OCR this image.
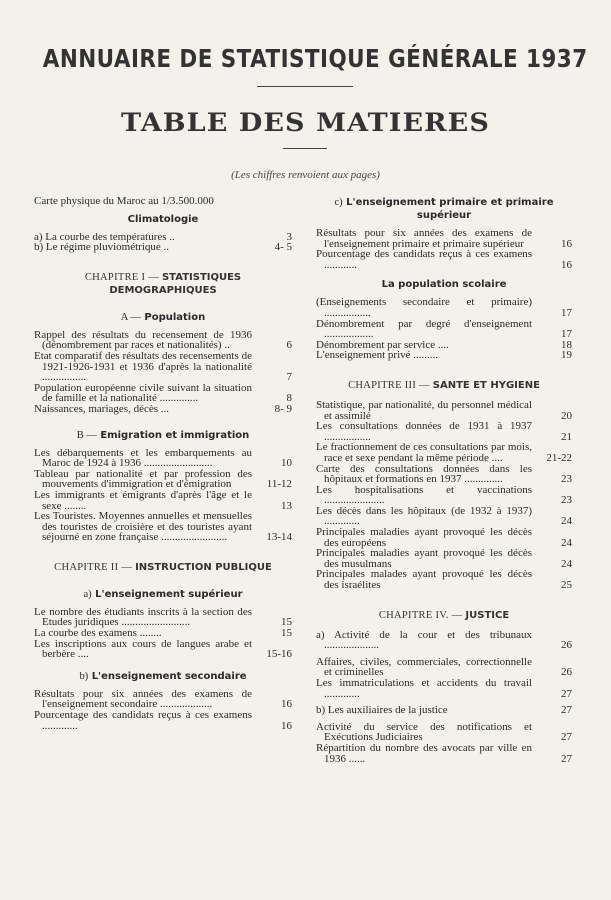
ANNUAIRE DE STATISTIQUE GÉNÉRALE 1937
TABLE DES MATIERES
(Les chiffres renvoient aux pages)
Carte physique du Maroc au 1/3.500.000
Climatologie
a) La courbe des températures ..	3
b) Le régime pluviométrique ..	4- 5
CHAPITRE I — STATISTIQUES DEMOGRAPHIQUES
A — Population
Rappel des résultats du recensement de 1936 (dénombrement par races et nationalités) ..	6
Etat comparatif des résultats des recensements de 1921-1926-1931 et 1936 d'après la nationalité ................	7
Population européenne civile suivant la situation de famille et la nationalité ..............	8
Naissances, mariages, décès ...	8- 9
B — Emigration et immigration
Les débarquements et les embarquements au Maroc de 1924 à 1936 .........................	10
Tableau par nationalité et par profession des mouvements d'immigration et d'émigration	11-12
Les immigrants et émigrants d'après l'âge et le sexe ........	13
Les Touristes. Moyennes annuelles et mensuelles des touristes de croisière et des touristes ayant séjourné en zone française ........................	13-14
CHAPITRE II — INSTRUCTION PUBLIQUE
a) L'enseignement supérieur
Le nombre des étudiants inscrits à la section des Etudes juridiques .........................	15
La courbe des examens ........	15
Les inscriptions aux cours de langues arabe et berbère ....	15-16
b) L'enseignement secondaire
Résultats pour six années des examens de l'enseignement secondaire ...................	16
Pourcentage des candidats reçus à ces examens .............	16
c) L'enseignement primaire et primaire supérieur
Résultats pour six années des examens de l'enseignement primaire et primaire supérieur	16
Pourcentage des candidats reçus à ces examens ............	16
La population scolaire
(Enseignements secondaire et primaire) .................	17
Dénombrement par degré d'enseignement ..................	17
Dénombrement par service ....	18
L'enseignement privé .........	19
CHAPITRE III — SANTE ET HYGIENE
Statistique, par nationalité, du personnel médical et assimilé	20
Les consultations données de 1931 à 1937 .................	21
Le fractionnement de ces consultations par mois, race et sexe pendant la même période ....	21-22
Carte des consultations données dans les hôpitaux et formations en 1937 ..............	23
Les hospitalisations et vaccinations ......................	23
Les décès dans les hôpitaux (de 1932 à 1937) .............	24
Principales maladies ayant provoqué les décès des européens	24
Principales maladies ayant provoqué les décès des musulmans	24
Principales malades ayant provoqué les décès des israélites	25
CHAPITRE IV. — JUSTICE
a) Activité de la cour et des tribunaux ....................	26
Affaires, civiles, commerciales, correctionnelle et criminelles	26
Les immatriculations et accidents du travail .............	27
b) Les auxiliaires de la justice	27
Activité du service des notifications et Exécutions Judiciaires	27
Répartition du nombre des avocats par ville en 1936 ......	27
